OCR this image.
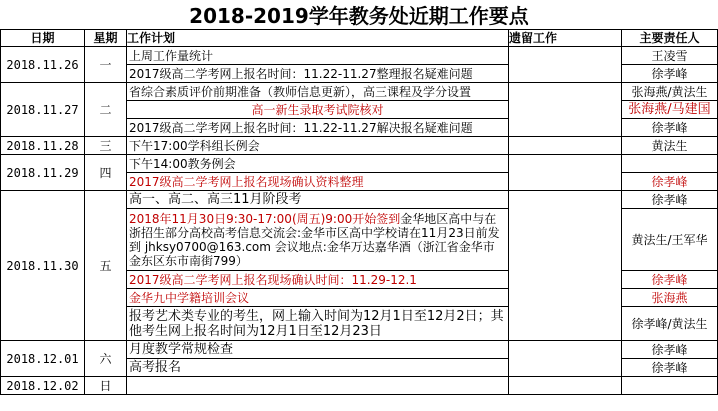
2018-2019学年教务处近期工作要点
日期	星期	工作计划	遗留工作	主要责任人
2018.11.26	一	上周工作量统计		王凌雪
		2017级高二学考网上报名时间：11.22-11.27整理报名疑难问题		徐孝峰
2018.11.27	二	省综合素质评价前期准备（教师信息更新），高三课程及学分设置		张海燕/黄法生
		高一新生录取考试院核对		张海燕/马建国
		2017级高二学考网上报名时间：11.22-11.27解决报名疑难问题		徐孝峰
2018.11.28	三	下午17:00学科组长例会		黄法生
2018.11.29	四	下午14:00教务例会		
		2017级高二学考网上报名现场确认资料整理		徐孝峰
2018.11.30	五	高一、高二、高三11月阶段考		徐孝峰
		2018年11月30日9:30-17:00(周五)9:00开始签到金华地区高中与在浙招生部分高校高考信息交流会:金华市区高中学校请在11月23日前发到 jhksy0700@163.com 会议地点:金华万达嘉华酒（浙江省金华市金东区东市南街799）		黄法生/王军华
		2017级高二学考网上报名现场确认时间：11.29-12.1		徐孝峰
		金华九中学籍培训会议		张海燕
		报考艺术类专业的考生，网上输入时间为12月1日至12月2日；其他考生网上报名时间为12月1日至12月23日		徐孝峰/黄法生
2018.12.01	六	月度教学常规检查		徐孝峰
		高考报名		徐孝峰
2018.12.02	日			
